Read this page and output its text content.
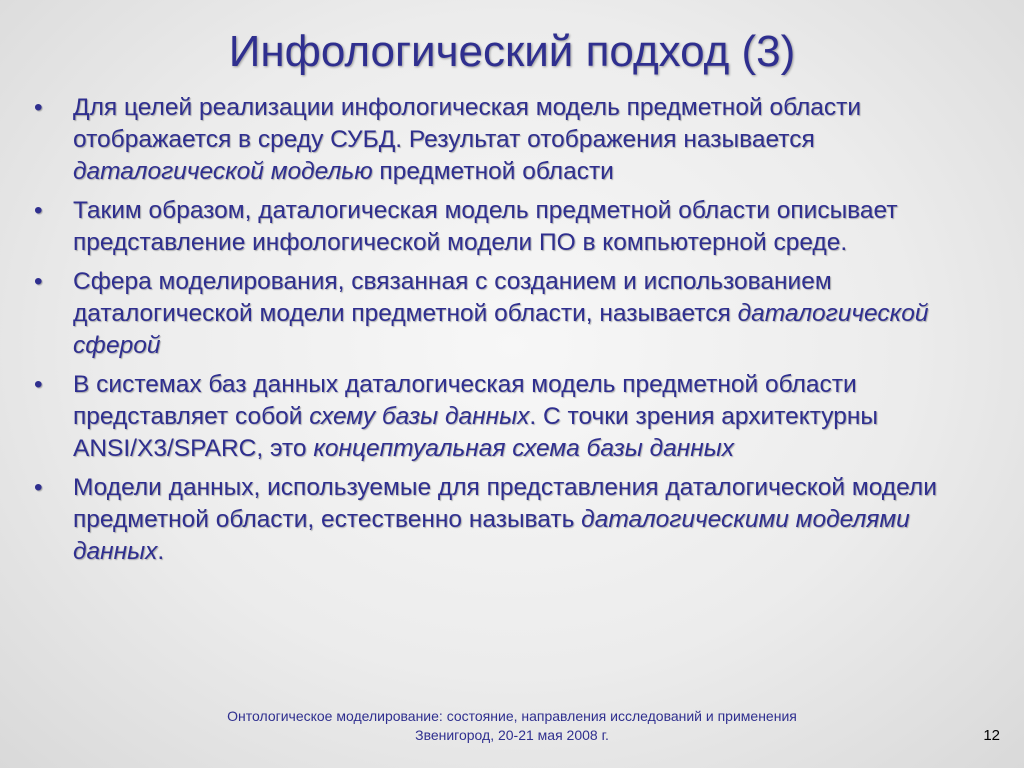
Инфологический подход (3)
• Для целей реализации инфологическая модель предметной области отображается в среду СУБД. Результат отображения называется даталогической моделью предметной области
• Таким образом, даталогическая модель предметной области описывает представление инфологической модели ПО в компьютерной среде.
• Сфера моделирования, связанная с созданием и использованием даталогической модели предметной области, называется даталогической сферой
• В системах баз данных даталогическая модель предметной области представляет собой схему базы данных. С точки зрения архитектурны ANSI/X3/SPARC, это концептуальная схема базы данных
• Модели данных, используемые для представления даталогической модели предметной области, естественно называть даталогическими моделями данных.
Онтологическое моделирование: состояние, направления исследований и применения
Звенигород, 20-21 мая 2008 г.	12
